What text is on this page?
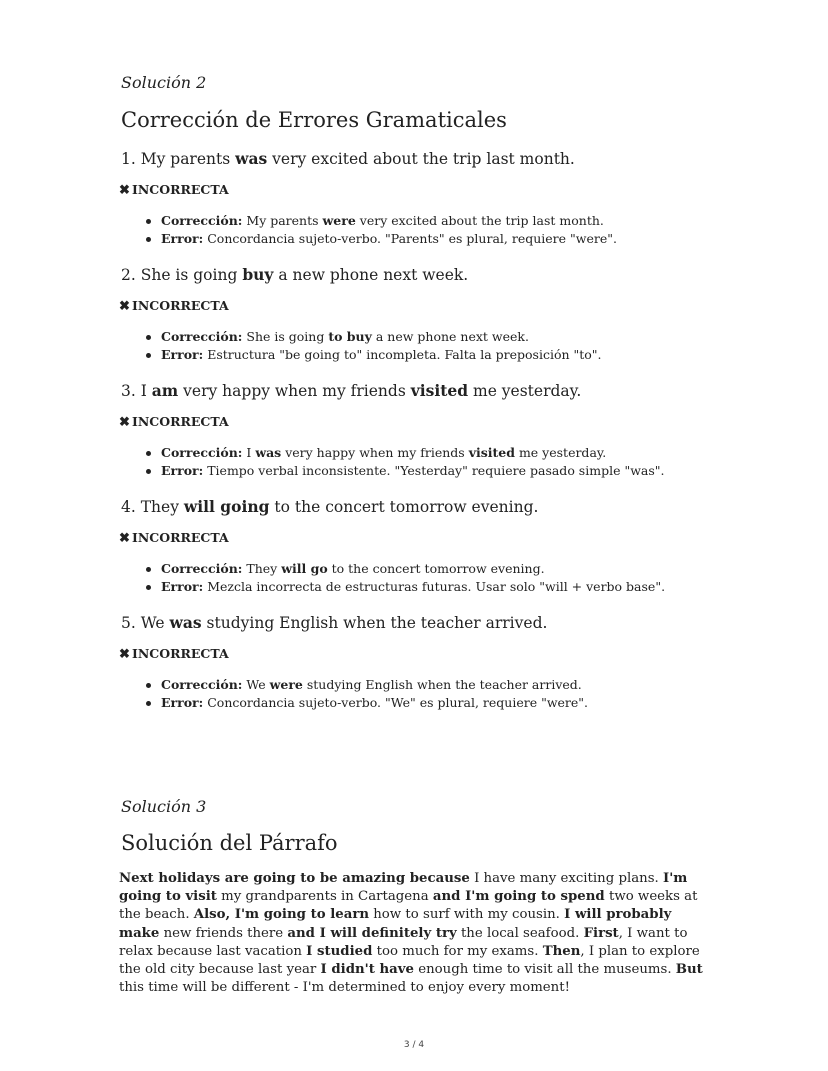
Solución 2
Corrección de Errores Gramaticales
1. My parents was very excited about the trip last month.
✖ INCORRECTA
Corrección: My parents were very excited about the trip last month.
Error: Concordancia sujeto-verbo. "Parents" es plural, requiere "were".
2. She is going buy a new phone next week.
✖ INCORRECTA
Corrección: She is going to buy a new phone next week.
Error: Estructura "be going to" incompleta. Falta la preposición "to".
3. I am very happy when my friends visited me yesterday.
✖ INCORRECTA
Corrección: I was very happy when my friends visited me yesterday.
Error: Tiempo verbal inconsistente. "Yesterday" requiere pasado simple "was".
4. They will going to the concert tomorrow evening.
✖ INCORRECTA
Corrección: They will go to the concert tomorrow evening.
Error: Mezcla incorrecta de estructuras futuras. Usar solo "will + verbo base".
5. We was studying English when the teacher arrived.
✖ INCORRECTA
Corrección: We were studying English when the teacher arrived.
Error: Concordancia sujeto-verbo. "We" es plural, requiere "were".
Solución 3
Solución del Párrafo
Next holidays are going to be amazing because I have many exciting plans. I'm going to visit my grandparents in Cartagena and I'm going to spend two weeks at the beach. Also, I'm going to learn how to surf with my cousin. I will probably make new friends there and I will definitely try the local seafood. First, I want to relax because last vacation I studied too much for my exams. Then, I plan to explore the old city because last year I didn't have enough time to visit all the museums. But this time will be different - I'm determined to enjoy every moment!
3 / 4
